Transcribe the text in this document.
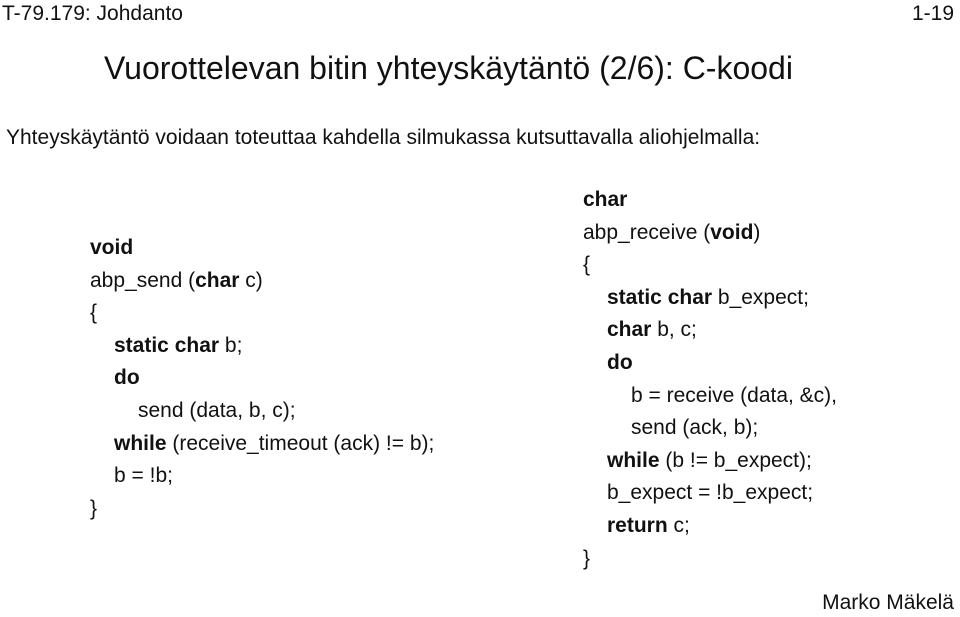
T-79.179: Johdanto	1-19
Vuorottelevan bitin yhteyskäytäntö (2/6): C-koodi
Yhteyskäytäntö voidaan toteuttaa kahdella silmukassa kutsuttavalla aliohjelmalla:
void
abp_send (char c)
{
static char b;
do
send (data, b, c);
while (receive_timeout (ack) != b);
b = !b;
}
char
abp_receive (void)
{
static char b_expect;
char b, c;
do
b = receive (data, &c),
send (ack, b);
while (b != b_expect);
b_expect = !b_expect;
return c;
}
Marko Mäkelä
